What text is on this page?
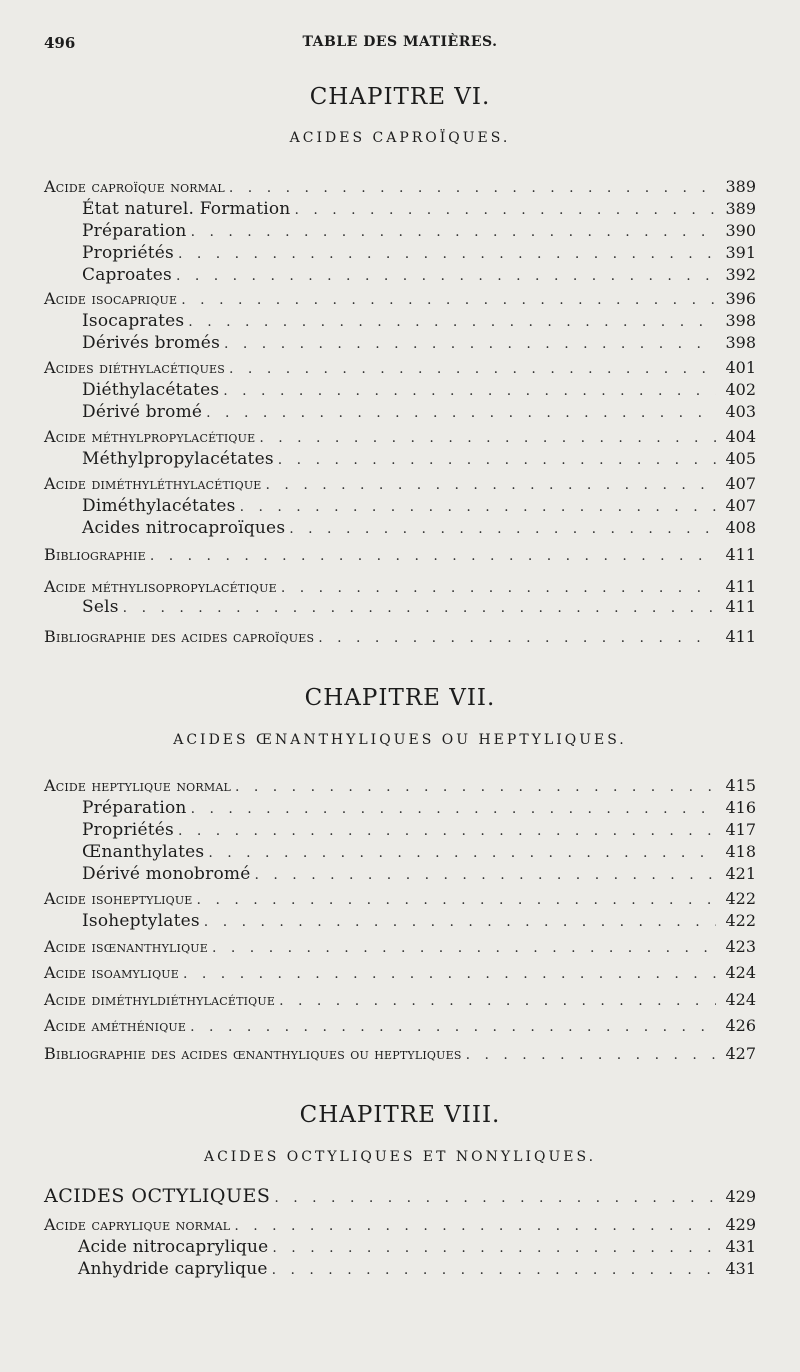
496	TABLE DES MATIÈRES.
CHAPITRE VI.
ACIDES CAPROÏQUES.
Acide caproïque normal . . .	389
État naturel. Formation . . .	389
Préparation . . .	390
Propriétés . . .	391
Caproates . . .	392
Acide isocaprique . . .	396
Isocaprates . . .	398
Dérivés bromés . . .	398
Acides diéthylacétiques . . .	401
Diéthylacétates . . .	402
Dérivé bromé . . .	403
Acide méthylpropylacétique . . .	404
Méthylpropylacétates . . .	405
Acide diméthyléthylacétique . . .	407
Diméthylacétates . . .	407
Acides nitrocaproïques . . .	408
Bibliographie . . .	411
Acide méthylisopropylacétique . . .	411
Sels . . .	411
Bibliographie des acides caproïques . . .	411
CHAPITRE VII.
ACIDES ŒNANTHYLIQUES OU HEPTYLIQUES.
Acide heptylique normal . . .	415
Préparation . . .	416
Propriétés . . .	417
Œnanthylates . . .	418
Dérivé monobromé . . .	421
Acide isoheptylique . . .	422
Isoheptylates . . .	422
Acide isœnanthylique . . .	423
Acide isoamylique . . .	424
Acide diméthyldiéthylacétique . . .	424
Acide améthénique . . .	426
Bibliographie des acides œnanthyliques ou heptyliques . . .	427
CHAPITRE VIII.
ACIDES OCTYLIQUES ET NONYLIQUES.
ACIDES OCTYLIQUES . . .	429
Acide caprylique normal . . .	429
Acide nitrocaprylique . . .	431
Anhydride caprylique . . .	431
